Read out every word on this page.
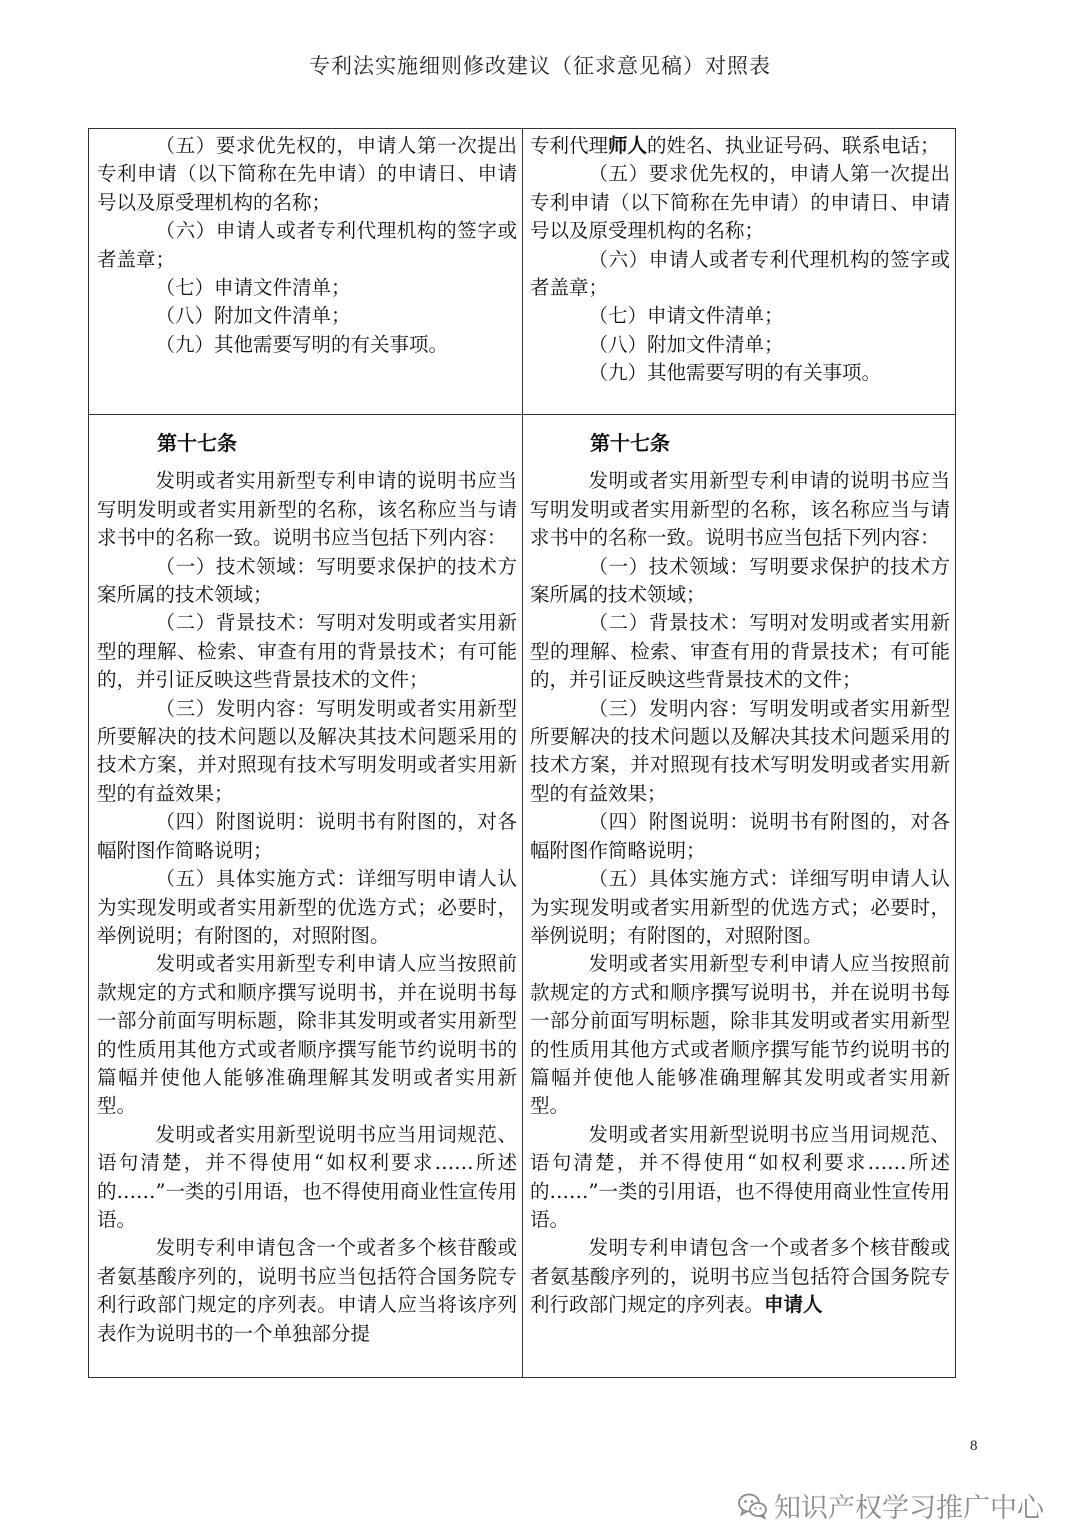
专利法实施细则修改建议（征求意见稿）对照表

（五）要求优先权的，申请人第一次提出专利申请（以下简称在先申请）的申请日、申请号以及原受理机构的名称；

（六）申请人或者专利代理机构的签字或者盖章；

（七）申请文件清单；

（八）附加文件清单；

（九）其他需要写明的有关事项。

专利代理师人的姓名、执业证号码、联系电话；

（五）要求优先权的，申请人第一次提出专利申请（以下简称在先申请）的申请日、申请号以及原受理机构的名称；

（六）申请人或者专利代理机构的签字或者盖章；

（七）申请文件清单；

（八）附加文件清单；

（九）其他需要写明的有关事项。

第十七条

发明或者实用新型专利申请的说明书应当写明发明或者实用新型的名称，该名称应当与请求书中的名称一致。说明书应当包括下列内容：

（一）技术领域：写明要求保护的技术方案所属的技术领域；

（二）背景技术：写明对发明或者实用新型的理解、检索、审查有用的背景技术；有可能的，并引证反映这些背景技术的文件；

（三）发明内容：写明发明或者实用新型所要解决的技术问题以及解决其技术问题采用的技术方案，并对照现有技术写明发明或者实用新型的有益效果；

（四）附图说明：说明书有附图的，对各幅附图作简略说明；

（五）具体实施方式：详细写明申请人认为实现发明或者实用新型的优选方式；必要时，举例说明；有附图的，对照附图。

发明或者实用新型专利申请人应当按照前款规定的方式和顺序撰写说明书，并在说明书每一部分前面写明标题，除非其发明或者实用新型的性质用其他方式或者顺序撰写能节约说明书的篇幅并使他人能够准确理解其发明或者实用新型。

发明或者实用新型说明书应当用词规范、语句清楚，并不得使用“如权利要求……所述的……”一类的引用语，也不得使用商业性宣传用语。

发明专利申请包含一个或者多个核苷酸或者氨基酸序列的，说明书应当包括符合国务院专利行政部门规定的序列表。申请人应当将该序列表作为说明书的一个单独部分提

第十七条

发明或者实用新型专利申请的说明书应当写明发明或者实用新型的名称，该名称应当与请求书中的名称一致。说明书应当包括下列内容：

（一）技术领域：写明要求保护的技术方案所属的技术领域；

（二）背景技术：写明对发明或者实用新型的理解、检索、审查有用的背景技术；有可能的，并引证反映这些背景技术的文件；

（三）发明内容：写明发明或者实用新型所要解决的技术问题以及解决其技术问题采用的技术方案，并对照现有技术写明发明或者实用新型的有益效果；

（四）附图说明：说明书有附图的，对各幅附图作简略说明；

（五）具体实施方式：详细写明申请人认为实现发明或者实用新型的优选方式；必要时，举例说明；有附图的，对照附图。

发明或者实用新型专利申请人应当按照前款规定的方式和顺序撰写说明书，并在说明书每一部分前面写明标题，除非其发明或者实用新型的性质用其他方式或者顺序撰写能节约说明书的篇幅并使他人能够准确理解其发明或者实用新型。

发明或者实用新型说明书应当用词规范、语句清楚，并不得使用“如权利要求……所述的……”一类的引用语，也不得使用商业性宣传用语。

发明专利申请包含一个或者多个核苷酸或者氨基酸序列的，说明书应当包括符合国务院专利行政部门规定的序列表。申请人

8
知识产权学习推广中心
